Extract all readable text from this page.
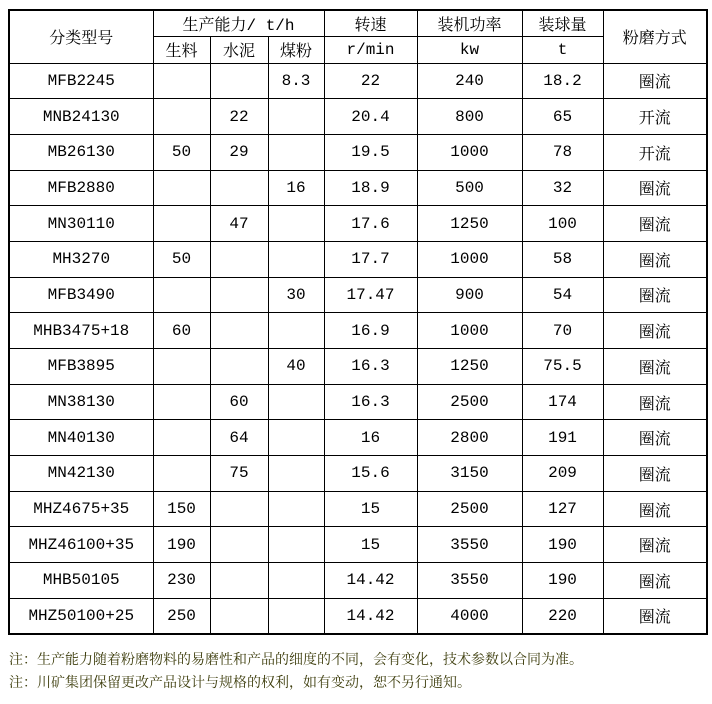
分类型号	生产能力/ t/h			转速	装机功率	装球量	粉磨方式
	生料	水泥	煤粉	r/min	kw	t	
MFB2245			8.3	22	240	18.2	圈流
MNB24130		22		20.4	800	65	开流
MB26130	50	29		19.5	1000	78	开流
MFB2880			16	18.9	500	32	圈流
MN30110		47		17.6	1250	100	圈流
MH3270	50			17.7	1000	58	圈流
MFB3490			30	17.47	900	54	圈流
MHB3475+18	60			16.9	1000	70	圈流
MFB3895			40	16.3	1250	75.5	圈流
MN38130		60		16.3	2500	174	圈流
MN40130		64		16	2800	191	圈流
MN42130		75		15.6	3150	209	圈流
MHZ4675+35	150			15	2500	127	圈流
MHZ46100+35	190			15	3550	190	圈流
MHB50105	230			14.42	3550	190	圈流
MHZ50100+25	250			14.42	4000	220	圈流
注：生产能力随着粉磨物料的易磨性和产品的细度的不同，会有变化，技术参数以合同为准。
注：川矿集团保留更改产品设计与规格的权利，如有变动，恕不另行通知。
